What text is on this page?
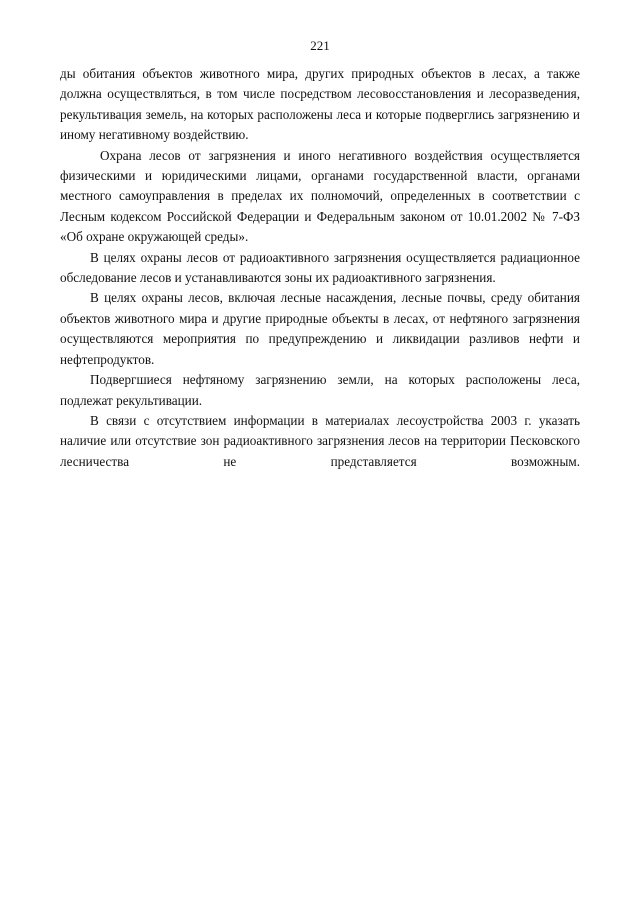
221

ды обитания объектов животного мира, других природных объектов в лесах, а также должна осуществляться, в том числе посредством лесовосстановления и лесоразведения, рекультивация земель, на которых расположены леса и которые подверглись загрязнению и иному негативному воздействию.

Охрана лесов от загрязнения и иного негативного воздействия осуществляется физическими и юридическими лицами, органами государственной власти, органами местного самоуправления в пределах их полномочий, определенных в соответствии с Лесным кодексом Российской Федерации и Федеральным законом от 10.01.2002 № 7-ФЗ «Об охране окружающей среды».

В целях охраны лесов от радиоактивного загрязнения осуществляется радиационное обследование лесов и устанавливаются зоны их радиоактивного загрязнения.

В целях охраны лесов, включая лесные насаждения, лесные почвы, среду обитания объектов животного мира и другие природные объекты в лесах, от нефтяного загрязнения осуществляются мероприятия по предупреждению и ликвидации разливов нефти и нефтепродуктов.

Подвергшиеся нефтяному загрязнению земли, на которых расположены леса, подлежат рекультивации.

В связи с отсутствием информации в материалах лесоустройства 2003 г. указать наличие или отсутствие зон радиоактивного загрязнения лесов на территории Песковского лесничества не представляется возможным.
